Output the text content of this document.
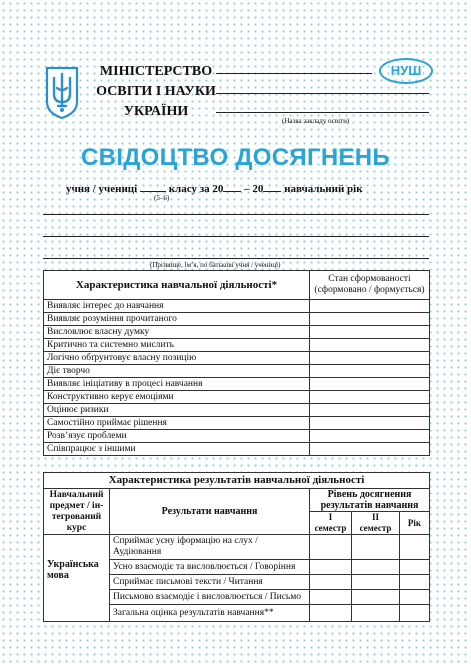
МІНІСТЕРСТВО
ОСВІТИ І НАУКИ
УКРАЇНИ
НУШ
(Назва закладу освіти)
СВІДОЦТВО ДОСЯГНЕНЬ
учня / учениці	класу за 20 – 20 навчальний рік
(5–6)
(Прізвище, ім’я, по батькові учня / учениці)
Характеристика навчальної діяльності*	Стан сформованості
(сформовано / формується)

Виявляє інтерес до навчання	
Виявляє розуміння прочитаного	
Висловлює власну думку	
Критично та системно мислить	
Логічно обґрунтовує власну позицію	
Діє творчо	
Виявляє ініціативу в процесі навчання	
Конструктивно керує емоціями	
Оцінює ризики	
Самостійно приймає рішення	
Розв’язує проблеми	
Співпрацює з іншими	
Характеристика результатів навчальної діяльності				
Навчальний предмет / ін-тегрований курс	Результати навчання	Рівень досягнення результатів навчання		
		I семестр	II семестр	Рік
Українська мова	Сприймає усну іформацію на слух / Аудіювання			
	Усно взаємодіє та висловлюється / Говоріння			
	Сприймає письмові тексти / Читання			
	Письмово взаємодіє і висловлюється / Письмо			
	Загальна оцінка результатів навчання**			
